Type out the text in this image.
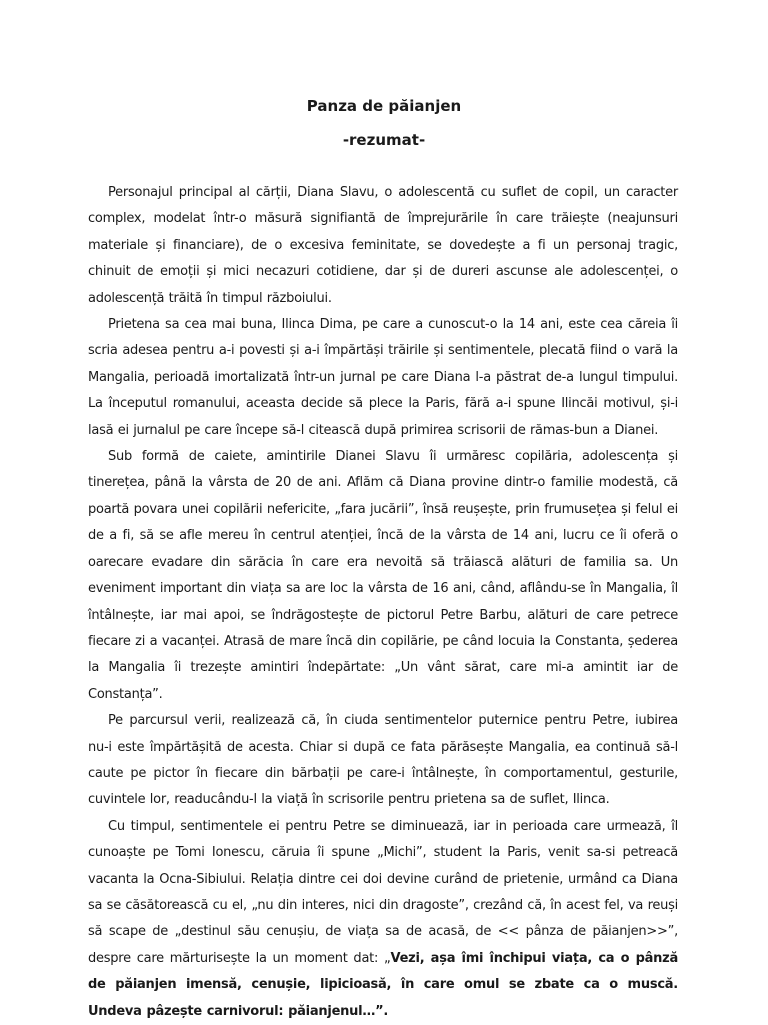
Panza de păianjen
-rezumat-

Personajul principal al cărții, Diana Slavu, o adolescentă cu suflet de copil, un caracter complex, modelat într-o măsură signifiantă de împrejurările în care trăiește (neajunsuri materiale și financiare), de o excesiva feminitate, se dovedește a fi un personaj tragic, chinuit de emoții și mici necazuri cotidiene, dar și de dureri ascunse ale adolescenței, o adolescență trăită în timpul războiului.

Prietena sa cea mai buna, Ilinca Dima, pe care a cunoscut-o la 14 ani, este cea căreia îi scria adesea pentru a-i povesti și a-i împărtăși trăirile și sentimentele, plecată fiind o vară la Mangalia, perioadă imortalizată într-un jurnal pe care Diana l-a păstrat de-a lungul timpului. La începutul romanului, aceasta decide să plece la Paris, fără a-i spune Ilincăi motivul, și-i lasă ei jurnalul pe care începe să-l citească după primirea scrisorii de rămas-bun a Dianei.

Sub formă de caiete, amintirile Dianei Slavu îi urmăresc copilăria, adolescența și tinerețea, până la vârsta de 20 de ani. Aflăm că Diana provine dintr-o familie modestă, că poartă povara unei copilării nefericite, „fara jucării”, însă reușește, prin frumusețea și felul ei de a fi, să se afle mereu în centrul atenției, încă de la vârsta de 14 ani, lucru ce îi oferă o oarecare evadare din sărăcia în care era nevoită să trăiască alături de familia sa. Un eveniment important din viața sa are loc la vârsta de 16 ani, când, aflându-se în Mangalia, îl întâlnește, iar mai apoi, se îndrăgostește de pictorul Petre Barbu, alături de care petrece fiecare zi a vacanței. Atrasă de mare încă din copilărie, pe când locuia la Constanta, șederea la Mangalia îi trezește amintiri îndepărtate: „Un vânt sărat, care mi-a amintit iar de Constanța”.

Pe parcursul verii, realizează că, în ciuda sentimentelor puternice pentru Petre, iubirea nu-i este împărtășită de acesta. Chiar si după ce fata părăsește Mangalia, ea continuă să-l caute pe pictor în fiecare din bărbații pe care-i întâlnește, în comportamentul, gesturile, cuvintele lor, readucându-l la viață în scrisorile pentru prietena sa de suflet, Ilinca.

Cu timpul, sentimentele ei pentru Petre se diminuează, iar in perioada care urmează, îl cunoaște pe Tomi Ionescu, căruia îi spune „Michi”, student la Paris, venit sa-si petreacă vacanta la Ocna-Sibiului. Relația dintre cei doi devine curând de prietenie, urmând ca Diana sa se căsătorească cu el, „nu din interes, nici din dragoste”, crezând că, în acest fel, va reuși să scape de „destinul său cenușiu, de viața sa de acasă, de << pânza de păianjen>>”, despre care mărturisește la un moment dat: „Vezi, așa îmi închipui viața, ca o pânză de păianjen imensă, cenușie, lipicioasă, în care omul se zbate ca o muscă. Undeva pâzește carnivorul: păianjenul…”.
